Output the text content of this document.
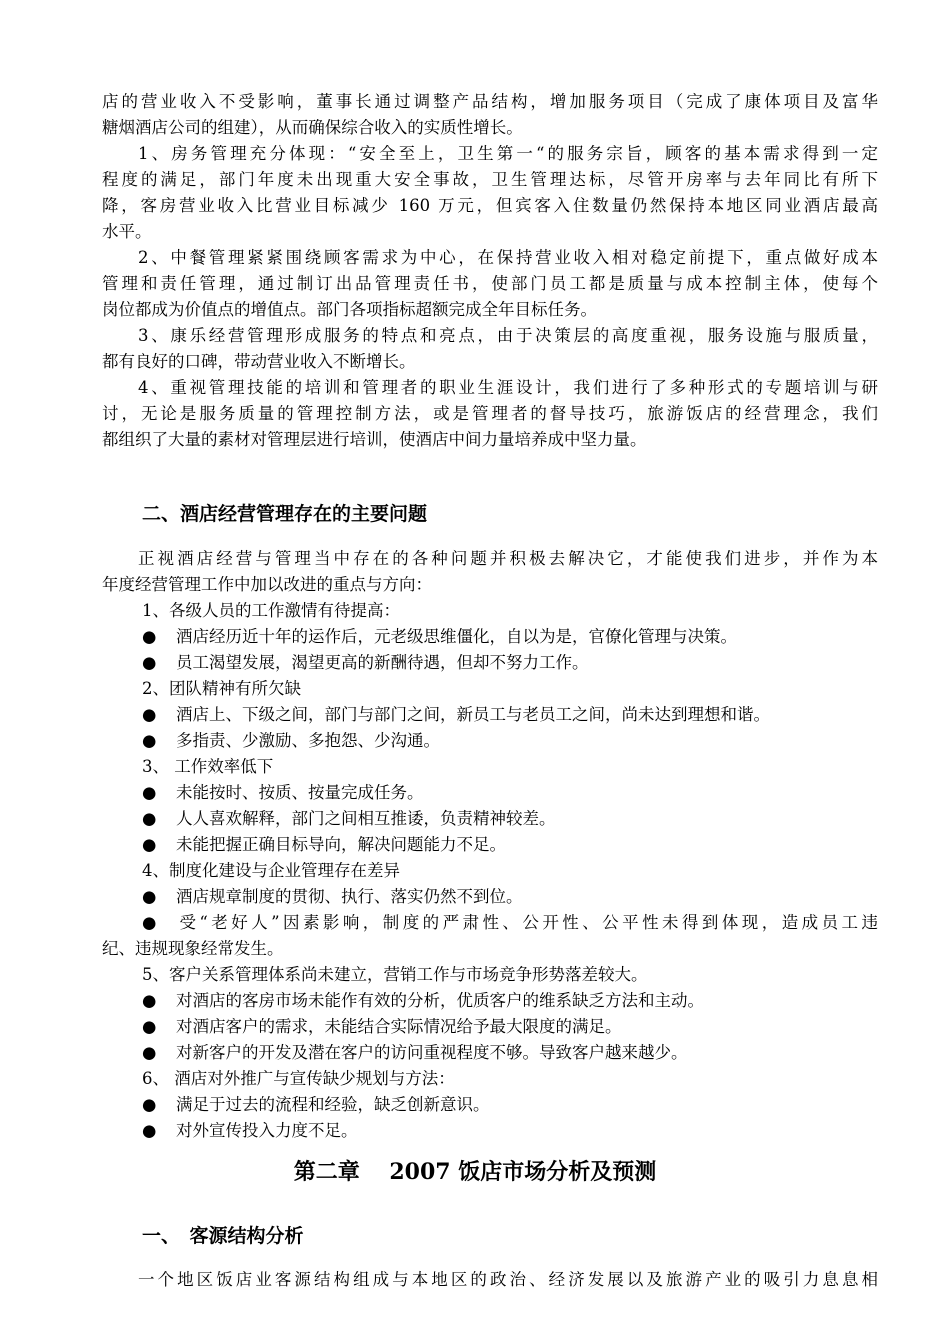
店的营业收入不受影响，董事长通过调整产品结构，增加服务项目（完成了康体项目及富华
糖烟酒店公司的组建），从而确保综合收入的实质性增长。
1、房务管理充分体现：“安全至上，卫生第一“的服务宗旨，顾客的基本需求得到一定
程度的满足，部门年度未出现重大安全事故，卫生管理达标，尽管开房率与去年同比有所下
降，客房营业收入比营业目标减少 160 万元，但宾客入住数量仍然保持本地区同业酒店最高
水平。
2、中餐管理紧紧围绕顾客需求为中心，在保持营业收入相对稳定前提下，重点做好成本
管理和责任管理，通过制订出品管理责任书，使部门员工都是质量与成本控制主体，使每个
岗位都成为价值点的增值点。部门各项指标超额完成全年目标任务。
3、康乐经营管理形成服务的特点和亮点，由于决策层的高度重视，服务设施与服质量，
都有良好的口碑，带动营业收入不断增长。
4、重视管理技能的培训和管理者的职业生涯设计，我们进行了多种形式的专题培训与研
讨，无论是服务质量的管理控制方法，或是管理者的督导技巧，旅游饭店的经营理念，我们
都组织了大量的素材对管理层进行培训，使酒店中间力量培养成中坚力量。
二、酒店经营管理存在的主要问题
正视酒店经营与管理当中存在的各种问题并积极去解决它，才能使我们进步，并作为本
年度经营管理工作中加以改进的重点与方向：
1、各级人员的工作激情有待提高：
● 酒店经历近十年的运作后，元老级思维僵化，自以为是，官僚化管理与决策。
● 员工渴望发展，渴望更高的新酬待遇，但却不努力工作。
2、团队精神有所欠缺
● 酒店上、下级之间，部门与部门之间，新员工与老员工之间，尚未达到理想和谐。
● 多指责、少激励、多抱怨、少沟通。
3、 工作效率低下
● 未能按时、按质、按量完成任务。
● 人人喜欢解释，部门之间相互推诿，负责精神较差。
● 未能把握正确目标导向，解决问题能力不足。
4、制度化建设与企业管理存在差异
● 酒店规章制度的贯彻、执行、落实仍然不到位。
● 受“老好人”因素影响，制度的严肃性、公开性、公平性未得到体现，造成员工违
纪、违规现象经常发生。
5、客户关系管理体系尚未建立，营销工作与市场竞争形势落差较大。
● 对酒店的客房市场未能作有效的分析，优质客户的维系缺乏方法和主动。
● 对酒店客户的需求，未能结合实际情况给予最大限度的满足。
● 对新客户的开发及潜在客户的访问重视程度不够。导致客户越来越少。
6、 酒店对外推广与宣传缺少规划与方法：
● 满足于过去的流程和经验，缺乏创新意识。
● 对外宣传投入力度不足。
第二章　 2007 饭店市场分析及预测
一、　客源结构分析
一个地区饭店业客源结构组成与本地区的政治、经济发展以及旅游产业的吸引力息息相
